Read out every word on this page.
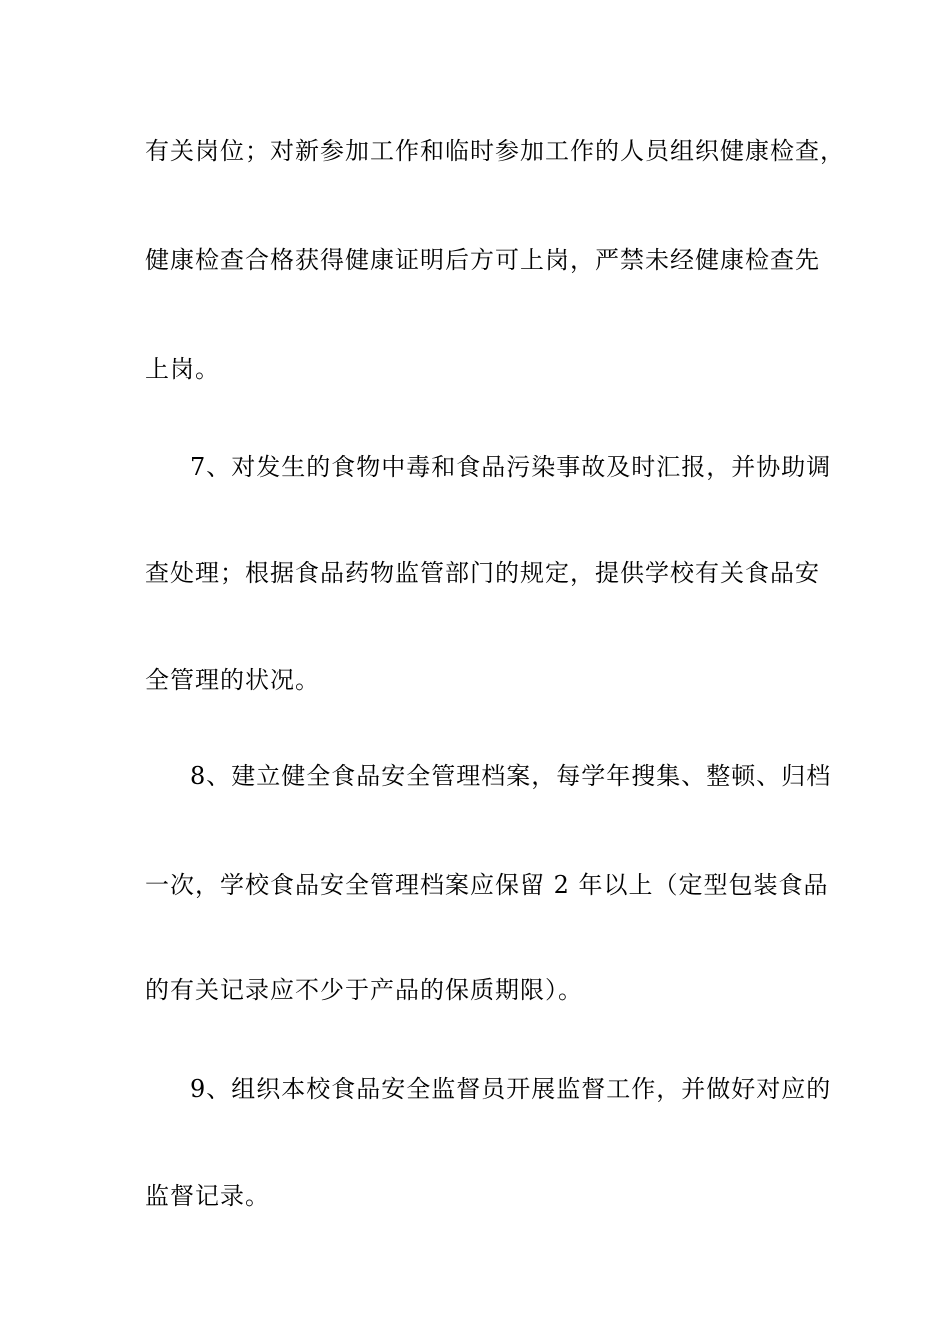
有关岗位；对新参加工作和临时参加工作的人员组织健康检查，
健康检查合格获得健康证明后方可上岗，严禁未经健康检查先
上岗。
7、对发生的食物中毒和食品污染事故及时汇报，并协助调
查处理；根据食品药物监管部门的规定，提供学校有关食品安
全管理的状况。
8、建立健全食品安全管理档案，每学年搜集、整顿、归档
一次，学校食品安全管理档案应保留 2 年以上（定型包装食品
的有关记录应不少于产品的保质期限）。
9、组织本校食品安全监督员开展监督工作，并做好对应的
监督记录。
